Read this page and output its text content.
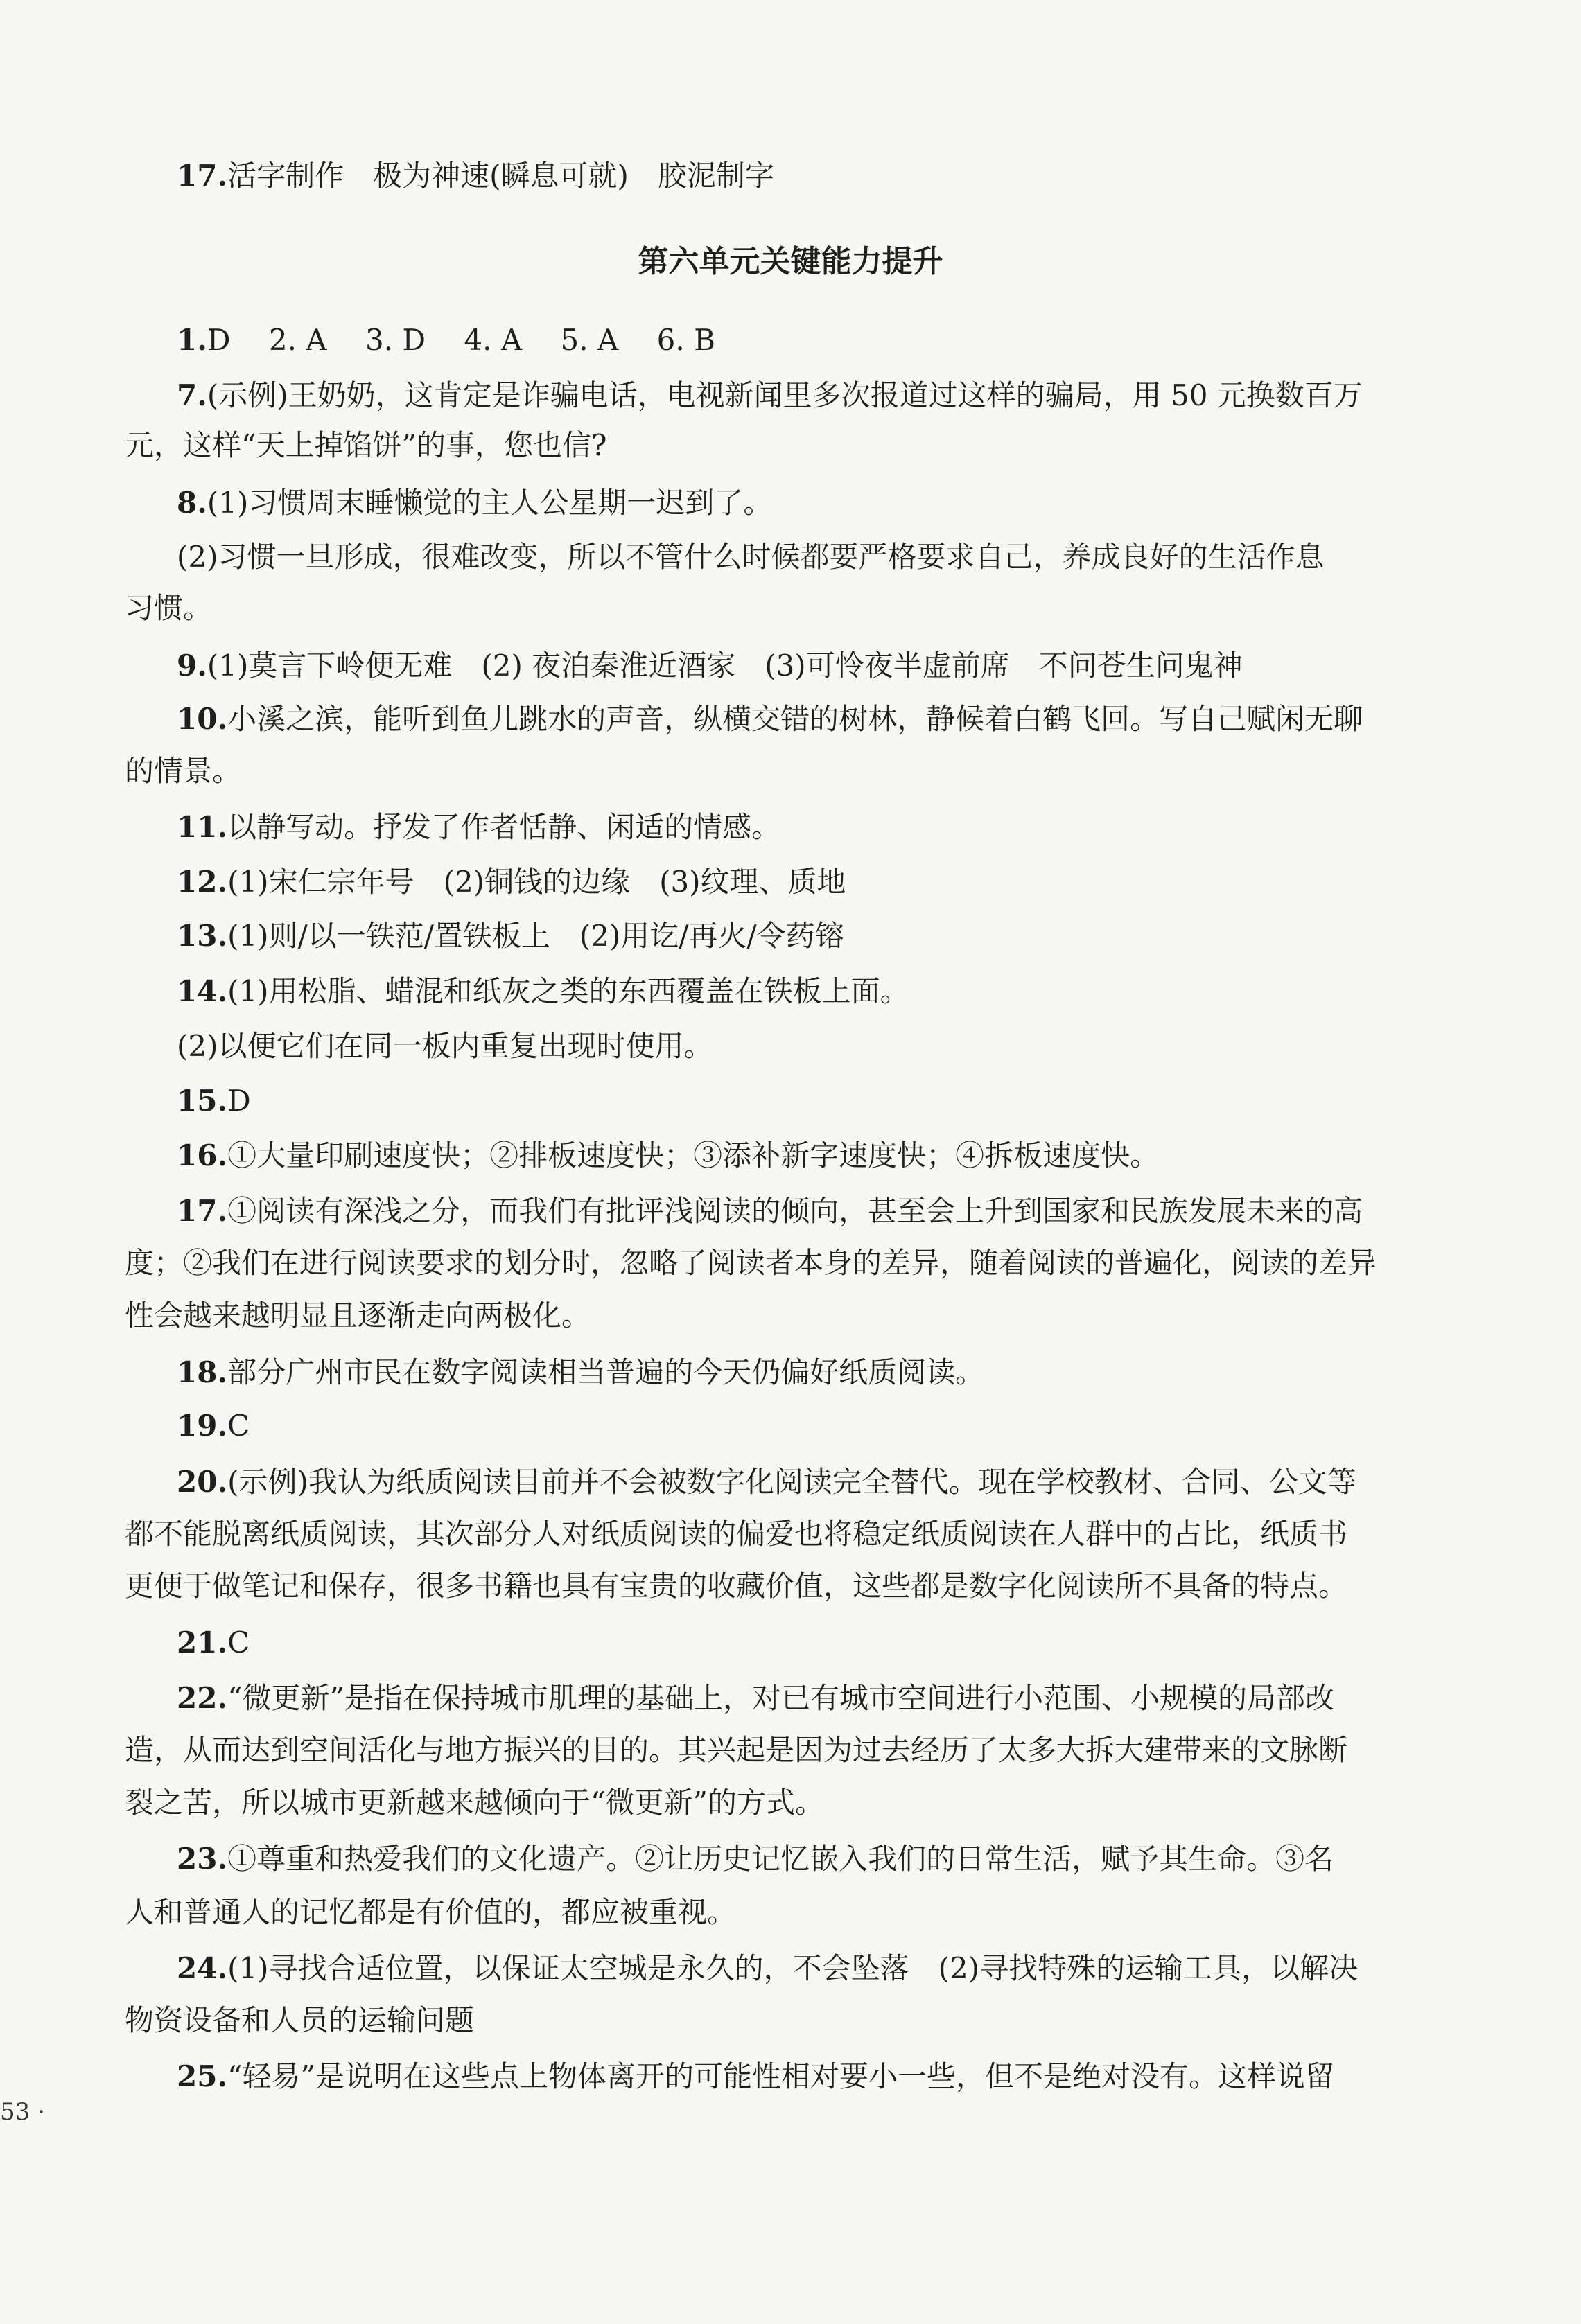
17.活字制作　极为神速(瞬息可就)　胶泥制字
第六单元关键能力提升
1.D　 2. A　 3. D　 4. A　 5. A　 6. B
7.(示例)王奶奶，这肯定是诈骗电话，电视新闻里多次报道过这样的骗局，用 50 元换数百万
元，这样“天上掉馅饼”的事，您也信?
8.(1)习惯周末睡懒觉的主人公星期一迟到了。
(2)习惯一旦形成，很难改变，所以不管什么时候都要严格要求自己，养成良好的生活作息
习惯。
9.(1)莫言下岭便无难　(2) 夜泊秦淮近酒家　(3)可怜夜半虚前席　不问苍生问鬼神
10.小溪之滨，能听到鱼儿跳水的声音，纵横交错的树林，静候着白鹤飞回。写自己赋闲无聊
的情景。
11.以静写动。抒发了作者恬静、闲适的情感。
12.(1)宋仁宗年号　(2)铜钱的边缘　(3)纹理、质地
13.(1)则/以一铁范/置铁板上　(2)用讫/再火/令药镕
14.(1)用松脂、蜡混和纸灰之类的东西覆盖在铁板上面。
(2)以便它们在同一板内重复出现时使用。
15.D
16.①大量印刷速度快；②排板速度快；③添补新字速度快；④拆板速度快。
17.①阅读有深浅之分，而我们有批评浅阅读的倾向，甚至会上升到国家和民族发展未来的高
度；②我们在进行阅读要求的划分时，忽略了阅读者本身的差异，随着阅读的普遍化，阅读的差异
性会越来越明显且逐渐走向两极化。
18.部分广州市民在数字阅读相当普遍的今天仍偏好纸质阅读。
19.C
20.(示例)我认为纸质阅读目前并不会被数字化阅读完全替代。现在学校教材、合同、公文等
都不能脱离纸质阅读，其次部分人对纸质阅读的偏爱也将稳定纸质阅读在人群中的占比，纸质书
更便于做笔记和保存，很多书籍也具有宝贵的收藏价值，这些都是数字化阅读所不具备的特点。
21.C
22.“微更新”是指在保持城市肌理的基础上，对已有城市空间进行小范围、小规模的局部改
造，从而达到空间活化与地方振兴的目的。其兴起是因为过去经历了太多大拆大建带来的文脉断
裂之苦，所以城市更新越来越倾向于“微更新”的方式。
23.①尊重和热爱我们的文化遗产。②让历史记忆嵌入我们的日常生活，赋予其生命。③名
人和普通人的记忆都是有价值的，都应被重视。
24.(1)寻找合适位置，以保证太空城是永久的，不会坠落　(2)寻找特殊的运输工具，以解决
物资设备和人员的运输问题
25.“轻易”是说明在这些点上物体离开的可能性相对要小一些，但不是绝对没有。这样说留
53 ·
